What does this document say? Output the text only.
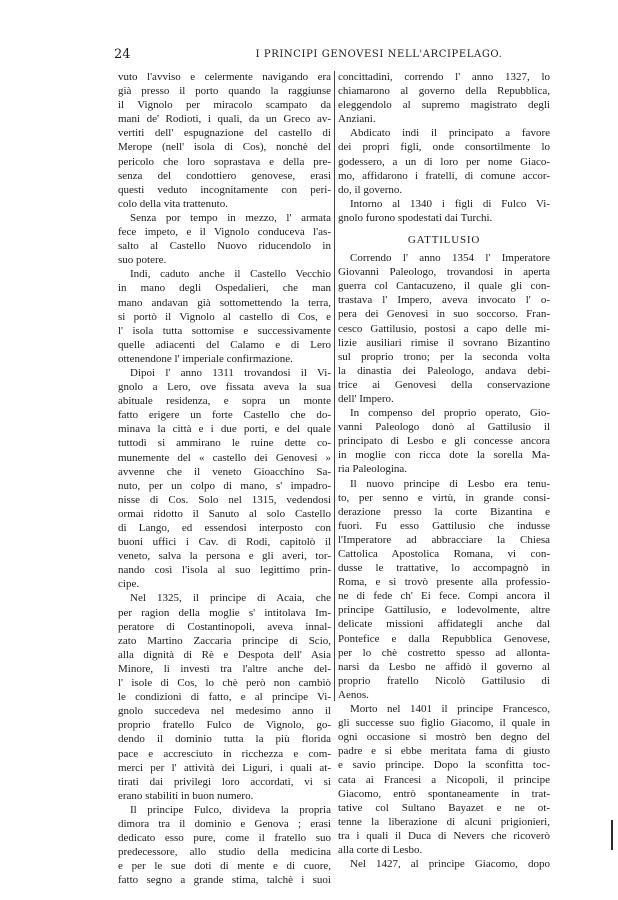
24	I PRINCIPI GENOVESI NELL'ARCIPELAGO.
vuto l'avviso e celermente navigando era
già presso il porto quando la raggiunse
il Vignolo per miracolo scampato da
mani de' Rodioti, i quali, da un Greco av-
vertiti dell' espugnazione del castello di
Merope (nell' isola di Cos), nonchè del
pericolo che loro soprastava e della pre-
senza del condottiero genovese, erasi
questi veduto incognitamente con peri-
colo della vita trattenuto.
Senza por tempo in mezzo, l' armata
fece impeto, e il Vignolo conduceva l'as-
salto al Castello Nuovo riducendolo in
suo potere.
Indi, caduto anche il Castello Vecchio
in mano degli Ospedalieri, che man
mano andavan già sottomettendo la terra,
si portò il Vignolo al castello di Cos, e
l' isola tutta sottomise e successivamente
quelle adiacenti del Calamo e di Lero
ottenendone l' imperiale confirmazione.
Dipoi l' anno 1311 trovandosi il Vi-
gnolo a Lero, ove fissata aveva la sua
abituale residenza, e sopra un monte
fatto erigere un forte Castello che do-
minava la città e i due porti, e del quale
tuttodì si ammirano le ruine dette co-
munemente del « castello dei Genovesi »
avvenne che il veneto Gioacchino Sa-
nuto, per un colpo di mano, s' impadro-
nisse di Cos. Solo nel 1315, vedendosi
ormai ridotto il Sanuto al solo Castello
di Lango, ed essendosi interposto con
buoni uffici i Cav. di Rodi, capitolò il
veneto, salva la persona e gli averi, tor-
nando così l'isola al suo legittimo prin-
cipe.
Nel 1325, il principe di Acaia, che
per ragion della moglie s' intitolava Im-
peratore di Costantinopoli, aveva innal-
zato Martino Zaccaria principe di Scio,
alla dignità di Rè e Despota dell' Asia
Minore, li investì tra l'altre anche del-
l' isole di Cos, lo chè però non cambiò
le condizioni di fatto, e al principe Vi-
gnolo succedeva nel medesimo anno il
proprio fratello Fulco de Vignolo, go-
dendo il dominio tutta la più florida
pace e accresciuto in ricchezza e com-
merci per l' attività dei Liguri, i quali at-
tirati dai privilegi loro accordati, vi si
erano stabiliti in buon numero.
Il principe Fulco, divideva la propria
dimora tra il dominio e Genova ; erasi
dedicato esso pure, come il fratello suo
predecessore, allo studio della medicina
e per le sue doti di mente e di cuore,
fatto segno a grande stima, talchè i suoi
concittadini, correndo l' anno 1327, lo
chiamarono al governo della Repubblica,
eleggendolo al supremo magistrato degli
Anziani.
Abdicato indi il principato a favore
dei propri figli, onde consortilmente lo
godessero, a un di loro per nome Giaco-
mo, affidarono i fratelli, di comune accor-
do, il governo.
Intorno al 1340 i figli di Fulco Vi-
gnolo furono spodestati dai Turchi.
GATTILUSIO
Correndo l' anno 1354 l' Imperatore
Giovanni Paleologo, trovandosi in aperta
guerra col Cantacuzeno, il quale gli con-
trastava l' Impero, aveva invocato l' o-
pera dei Genovesi in suo soccorso. Fran-
cesco Gattilusio, postosi a capo delle mi-
lizie ausiliari rimise il sovrano Bizantino
sul proprio trono; per la seconda volta
la dinastia dei Paleologo, andava debi-
trice ai Genovesi della conservazione
dell' Impero.
In compenso del proprio operato, Gio-
vanni Paleologo donò al Gattilusio il
principato di Lesbo e gli concesse ancora
in moglie con ricca dote la sorella Ma-
ria Paleologina.
Il nuovo principe di Lesbo era tenu-
to, per senno e virtù, in grande consi-
derazione presso la corte Bizantina e
fuori. Fu esso Gattilusio che indusse
l'Imperatore ad abbracciare la Chiesa
Cattolica Apostolica Romana, vi con-
dusse le trattative, lo accompagnò in
Roma, e si trovò presente alla professio-
ne di fede ch' Ei fece. Compì ancora il
principe Gattilusio, e lodevolmente, altre
delicate missioni affidategli anche dal
Pontefice e dalla Repubblica Genovese,
per lo chè costretto spesso ad allonta-
narsi da Lesbo ne affidò il governo al
proprio fratello Nicolò Gattilusio di
Aenos.
Morto nel 1401 il principe Francesco,
gli successe suo figlio Giacomo, il quale in
ogni occasione si mostrò ben degno del
padre e si ebbe meritata fama di giusto
e savio principe. Dopo la sconfitta toc-
cata ai Francesi a Nicopoli, il principe
Giacomo, entrò spontaneamente in trat-
tative col Sultano Bayazet e ne ot-
tenne la liberazione di alcuni prigionieri,
tra i quali il Duca di Nevers che ricoverò
alla corte di Lesbo.
Nel 1427, al principe Giacomo, dopo
